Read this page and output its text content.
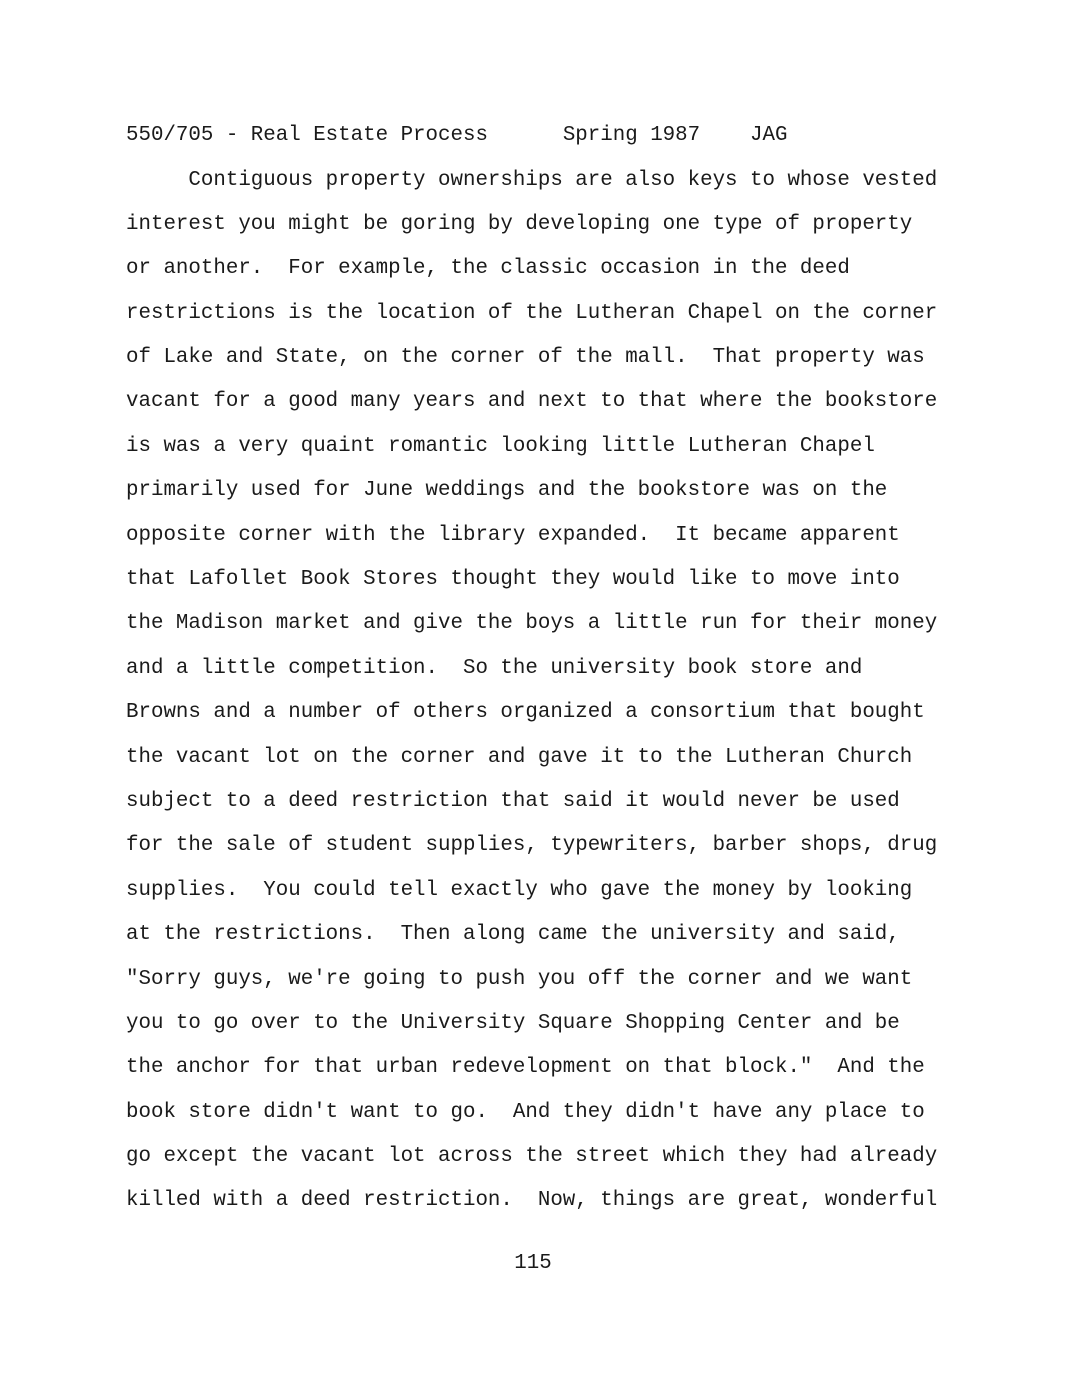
550/705 - Real Estate Process	Spring 1987 JAG
Contiguous property ownerships are also keys to whose vested
interest you might be goring by developing one type of property
or another.  For example, the classic occasion in the deed
restrictions is the location of the Lutheran Chapel on the corner
of Lake and State, on the corner of the mall.  That property was
vacant for a good many years and next to that where the bookstore
is was a very quaint romantic looking little Lutheran Chapel
primarily used for June weddings and the bookstore was on the
opposite corner with the library expanded.  It became apparent
that Lafollet Book Stores thought they would like to move into
the Madison market and give the boys a little run for their money
and a little competition.  So the university book store and
Browns and a number of others organized a consortium that bought
the vacant lot on the corner and gave it to the Lutheran Church
subject to a deed restriction that said it would never be used
for the sale of student supplies, typewriters, barber shops, drug
supplies.  You could tell exactly who gave the money by looking
at the restrictions.  Then along came the university and said,
"Sorry guys, we're going to push you off the corner and we want
you to go over to the University Square Shopping Center and be
the anchor for that urban redevelopment on that block."  And the
book store didn't want to go.  And they didn't have any place to
go except the vacant lot across the street which they had already
killed with a deed restriction.  Now, things are great, wonderful
115
